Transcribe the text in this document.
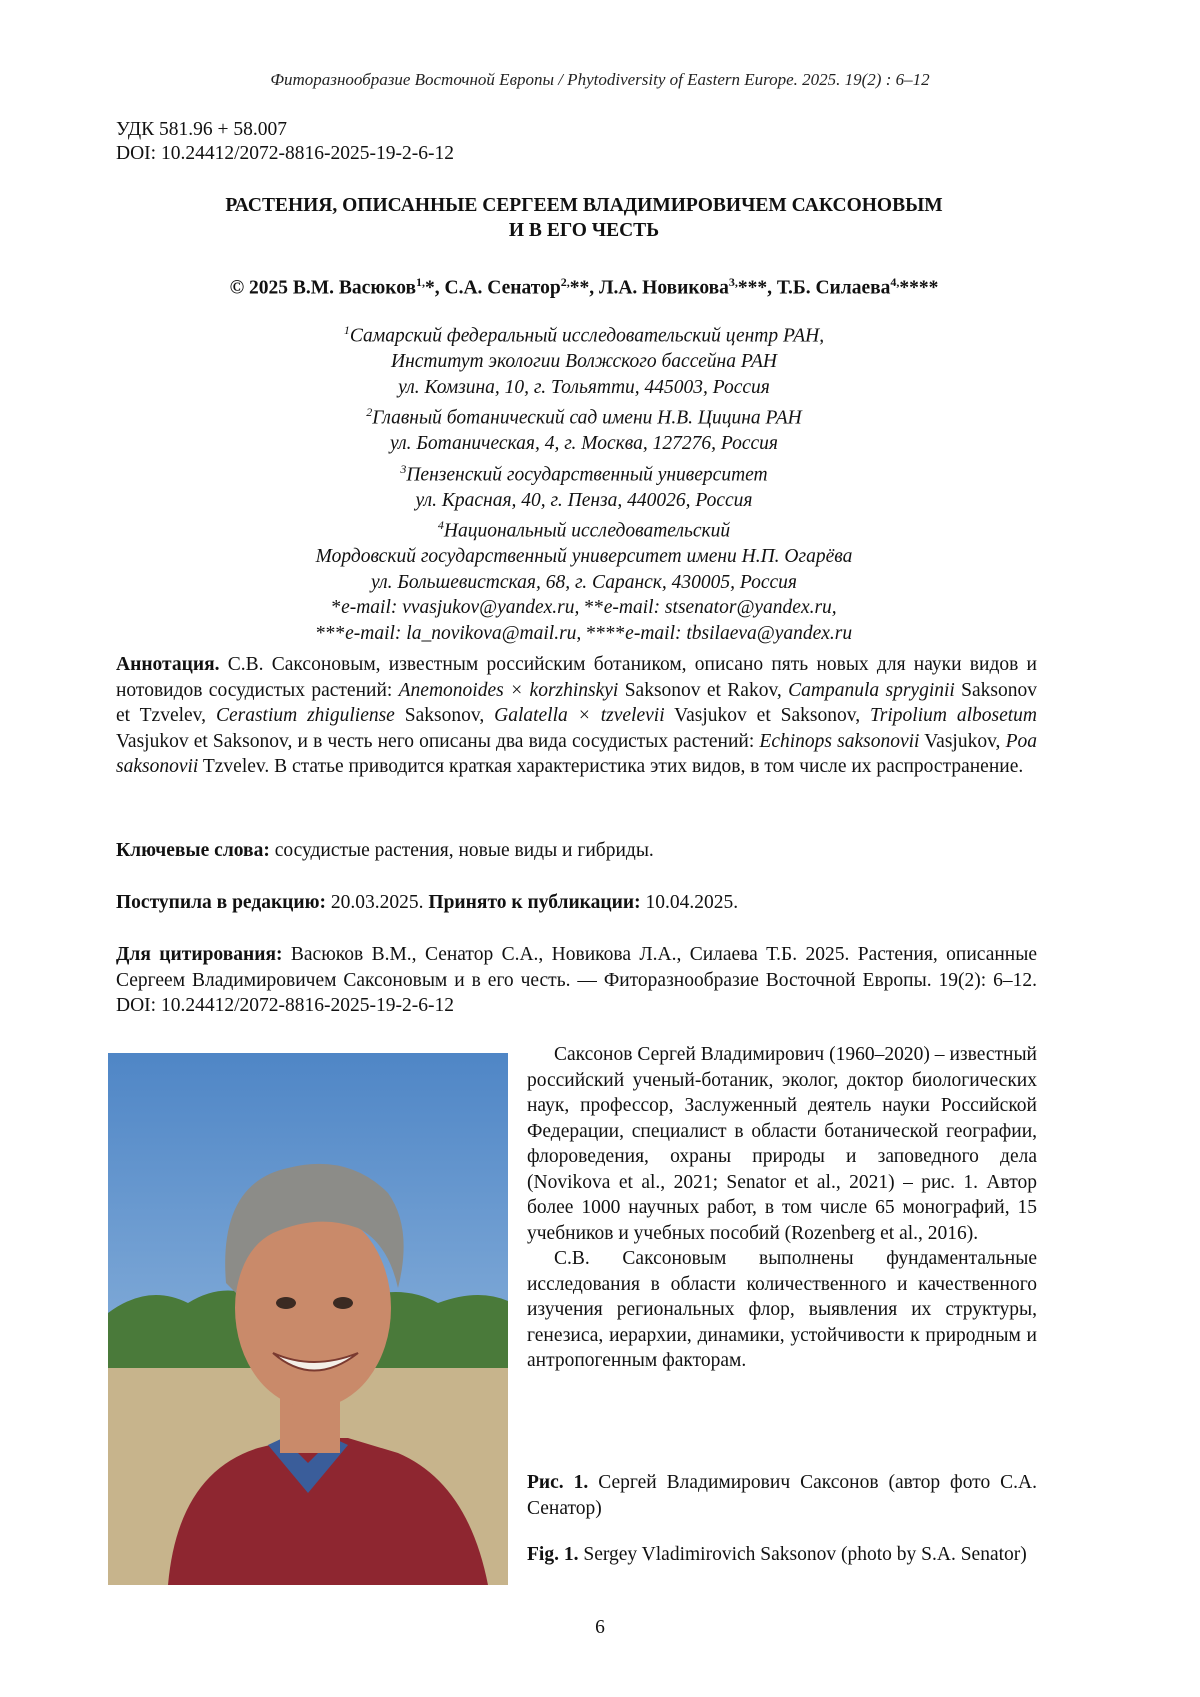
Фиторазнообразие Восточной Европы / Phytodiversity of Eastern Europe. 2025. 19(2) : 6–12
УДК 581.96 + 58.007
DOI: 10.24412/2072-8816-2025-19-2-6-12
РАСТЕНИЯ, ОПИСАННЫЕ СЕРГЕЕМ ВЛАДИМИРОВИЧЕМ САКСОНОВЫМ
И В ЕГО ЧЕСТЬ
© 2025 В.М. Васюков1,*, С.А. Сенатор2,**, Л.А. Новикова3,***, Т.Б. Силаева4,****
1Самарский федеральный исследовательский центр РАН,
Институт экологии Волжского бассейна РАН
ул. Комзина, 10, г. Тольятти, 445003, Россия
2Главный ботанический сад имени Н.В. Цицина РАН
ул. Ботаническая, 4, г. Москва, 127276, Россия
3Пензенский государственный университет
ул. Красная, 40, г. Пенза, 440026, Россия
4Национальный исследовательский
Мордовский государственный университет имени Н.П. Огарёва
ул. Большевистская, 68, г. Саранск, 430005, Россия
*e-mail: vvasjukov@yandex.ru, **e-mail: stsenator@yandex.ru,
***e-mail: la_novikova@mail.ru, ****e-mail: tbsilaeva@yandex.ru
Аннотация. С.В. Саксоновым, известным российским ботаником, описано пять новых для науки видов и нотовидов сосудистых растений: Anemonoides × korzhinskyi Saksonov et Rakov, Campanula spryginii Saksonov et Tzvelev, Cerastium zhiguliense Saksonov, Galatella × tzvelevii Vasjukov et Saksonov, Tripolium albosetum Vasjukov et Saksonov, и в честь него описаны два вида сосудистых растений: Echinops saksonovii Vasjukov, Poa saksonovii Tzvelev. В статье приводится краткая характеристика этих видов, в том числе их распространение.
Ключевые слова: сосудистые растения, новые виды и гибриды.
Поступила в редакцию: 20.03.2025. Принято к публикации: 10.04.2025.
Для цитирования: Васюков В.М., Сенатор С.А., Новикова Л.А., Силаева Т.Б. 2025. Растения, описанные Сергеем Владимировичем Саксоновым и в его честь. — Фиторазнообразие Восточной Европы. 19(2): 6–12. DOI: 10.24412/2072-8816-2025-19-2-6-12

Саксонов Сергей Владимирович (1960–2020) – известный российский ученый-ботаник, эколог, доктор биологических наук, профессор, Заслуженный деятель науки Российской Федерации, специалист в области ботанической географии, флороведения, охраны природы и заповедного дела (Novikova et al., 2021; Senator et al., 2021) – рис. 1. Автор более 1000 научных работ, в том числе 65 монографий, 15 учебников и учебных пособий (Rozenberg et al., 2016).

С.В. Саксоновым выполнены фундаментальные исследования в области количественного и качественного изучения региональных флор, выявления их структуры, генезиса, иерархии, динамики, устойчивости к природным и антропогенным факторам.

Рис. 1. Сергей Владимирович Саксонов (автор фото С.А. Сенатор)
Fig. 1. Sergey Vladimirovich Saksonov (photo by S.A. Senator)
6
